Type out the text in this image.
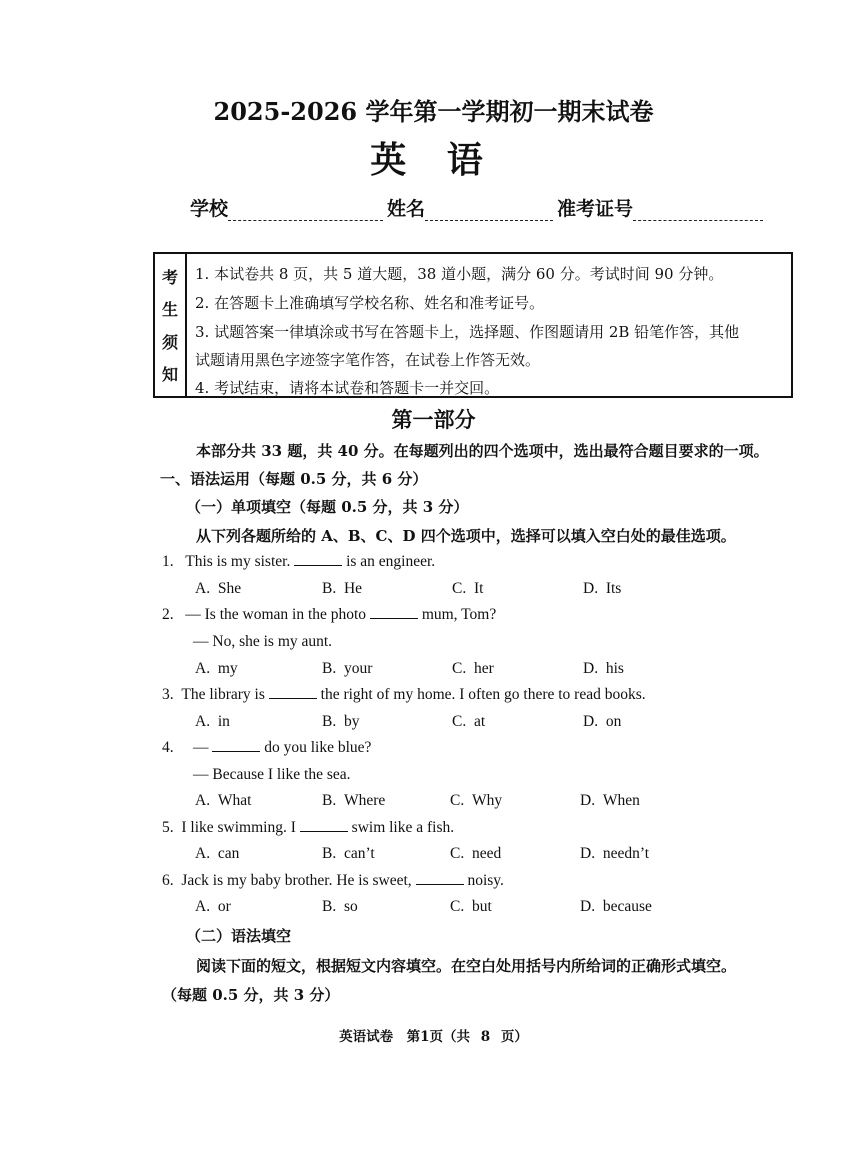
2025-2026 学年第一学期初一期末试卷
英 语
学校	姓名	准考证号
考
生
须
知
1. 本试卷共 8 页，共 5 道大题，38 道小题，满分 60 分。考试时间 90 分钟。
2. 在答题卡上准确填写学校名称、姓名和准考证号。
3. 试题答案一律填涂或书写在答题卡上，选择题、作图题请用 2B 铅笔作答，其他
试题请用黑色字迹签字笔作答，在试卷上作答无效。
4. 考试结束，请将本试卷和答题卡一并交回。
第一部分
本部分共 33 题，共 40 分。在每题列出的四个选项中，选出最符合题目要求的一项。
一、语法运用（每题 0.5 分，共 6 分）
（一）单项填空（每题 0.5 分，共 3 分）
从下列各题所给的 A、B、C、D 四个选项中，选择可以填入空白处的最佳选项。
1. This is my sister.	is an engineer.
A. She	B. He	C. It	D. Its
2. — Is the woman in the photo	mum, Tom?
— No, she is my aunt.
A. my	B. your	C. her	D. his
3. The library is	the right of my home. I often go there to read books.
A. in	B. by	C. at	D. on
4. —	do you like blue?
— Because I like the sea.
A. What	B. Where	C. Why	D. When
5. I like swimming. I	swim like a fish.
A. can	B. can’t	C. need	D. needn’t
6. Jack is my baby brother. He is sweet,	noisy.
A. or	B. so	C. but	D. because
（二）语法填空
阅读下面的短文，根据短文内容填空。在空白处用括号内所给词的正确形式填空。
（每题 0.5 分，共 3 分）
英语试卷　第1页（共 8 页）
